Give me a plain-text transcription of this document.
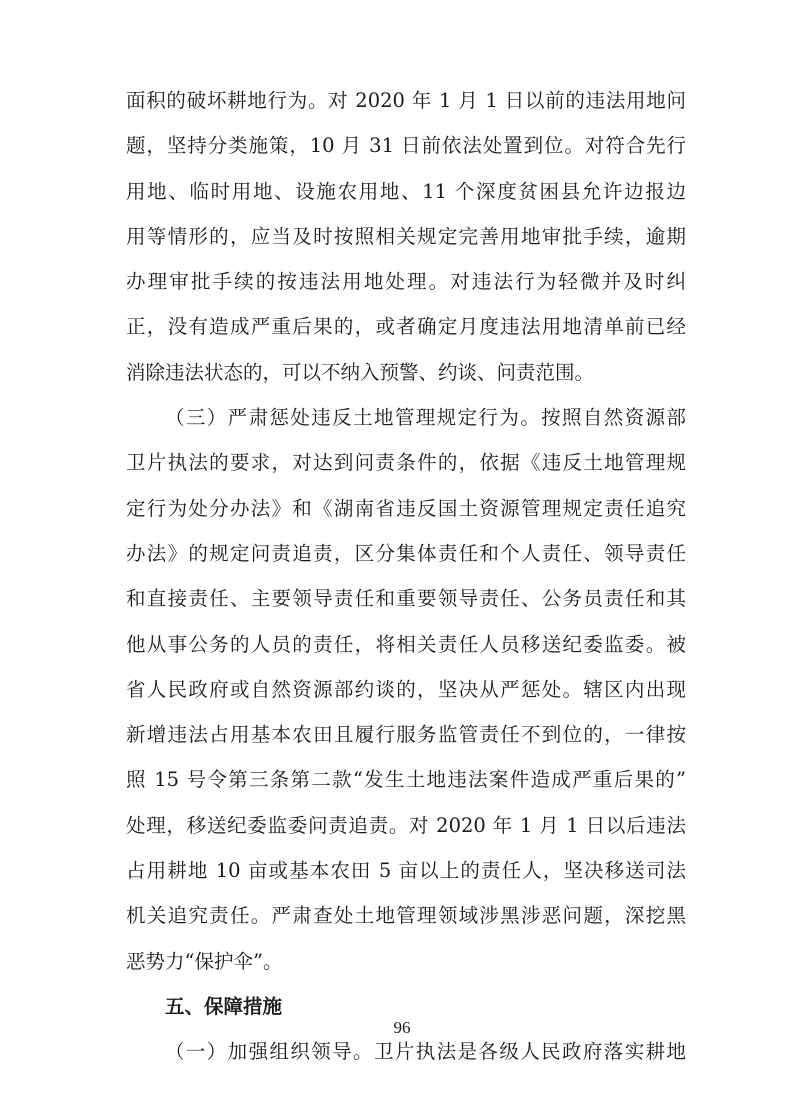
面积的破坏耕地行为。对 2020 年 1 月 1 日以前的违法用地问
题，坚持分类施策，10 月 31 日前依法处置到位。对符合先行
用地、临时用地、设施农用地、11 个深度贫困县允许边报边
用等情形的，应当及时按照相关规定完善用地审批手续，逾期
办理审批手续的按违法用地处理。对违法行为轻微并及时纠
正，没有造成严重后果的，或者确定月度违法用地清单前已经
消除违法状态的，可以不纳入预警、约谈、问责范围。
（三）严肃惩处违反土地管理规定行为。按照自然资源部
卫片执法的要求，对达到问责条件的，依据《违反土地管理规
定行为处分办法》和《湖南省违反国土资源管理规定责任追究
办法》的规定问责追责，区分集体责任和个人责任、领导责任
和直接责任、主要领导责任和重要领导责任、公务员责任和其
他从事公务的人员的责任，将相关责任人员移送纪委监委。被
省人民政府或自然资源部约谈的，坚决从严惩处。辖区内出现
新增违法占用基本农田且履行服务监管责任不到位的，一律按
照 15 号令第三条第二款“发生土地违法案件造成严重后果的”
处理，移送纪委监委问责追责。对 2020 年 1 月 1 日以后违法
占用耕地 10 亩或基本农田 5 亩以上的责任人，坚决移送司法
机关追究责任。严肃查处土地管理领域涉黑涉恶问题，深挖黑
恶势力“保护伞”。
五、保障措施
（一）加强组织领导。卫片执法是各级人民政府落实耕地
96
